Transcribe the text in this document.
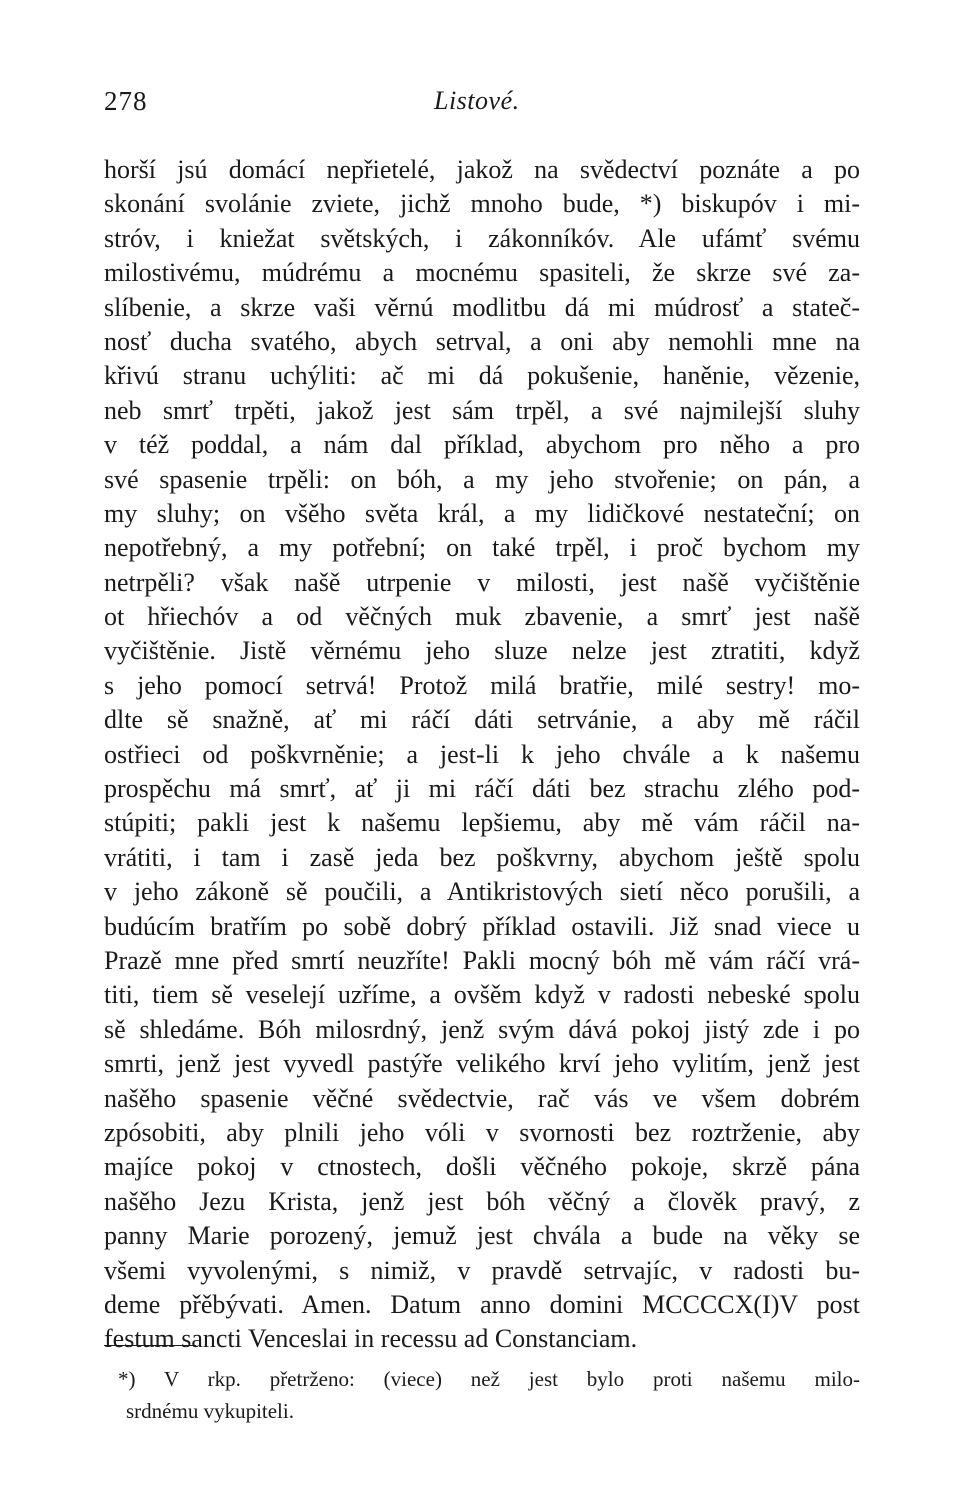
278	Listové.
horší jsú domácí nepřietelé, jakož na svědectví poznáte a po
skonání svolánie zviete, jichž mnoho bude, *) biskupóv i mi-
stróv, i kniežat světských, i zákonníkóv. Ale ufámť svému
milostivému, múdrému a mocnému spasiteli, že skrze své za-
slíbenie, a skrze vaši věrnú modlitbu dá mi múdrosť a stateč-
nosť ducha svatého, abych setrval, a oni aby nemohli mne na
křivú stranu uchýliti: ač mi dá pokušenie, haněnie, vězenie,
neb smrť trpěti, jakož jest sám trpěl, a své najmilejší sluhy
v též poddal, a nám dal příklad, abychom pro něho a pro
své spasenie trpěli: on bóh, a my jeho stvořenie; on pán, a
my sluhy; on všěho světa král, a my lidičkové nestateční; on
nepotřebný, a my potřební; on také trpěl, i proč bychom my
netrpěli? však našě utrpenie v milosti, jest našě vyčištěnie
ot hřiechóv a od věčných muk zbavenie, a smrť jest našě
vyčištěnie. Jistě věrnému jeho sluze nelze jest ztratiti, když
s jeho pomocí setrvá! Protož milá bratřie, milé sestry! mo-
dlte sě snažně, ať mi ráčí dáti setrvánie, a aby mě ráčil
ostřieci od poškvrněnie; a jest-li k jeho chvále a k našemu
prospěchu má smrť, ať ji mi ráčí dáti bez strachu zlého pod-
stúpiti; pakli jest k našemu lepšiemu, aby mě vám ráčil na-
vrátiti, i tam i zasě jeda bez poškvrny, abychom ještě spolu
v jeho zákoně sě poučili, a Antikristových sietí něco porušili, a
budúcím bratřím po sobě dobrý příklad ostavili. Již snad viece u
Prazě mne před smrtí neuzříte! Pakli mocný bóh mě vám ráčí vrá-
titi, tiem sě veselejí uzříme, a ovšěm když v radosti nebeské spolu
sě shledáme. Bóh milosrdný, jenž svým dává pokoj jistý zde i po
smrti, jenž jest vyvedl pastýře velikého krví jeho vylitím, jenž jest
našěho spasenie věčné svědectvie, rač vás ve všem dobrém
zpósobiti, aby plnili jeho vóli v svornosti bez roztrženie, aby
majíce pokoj v ctnostech, došli věčného pokoje, skrzě pána
našěho Jezu Krista, jenž jest bóh věčný a člověk pravý, z
panny Marie porozený, jemuž jest chvála a bude na věky se
všemi vyvolenými, s nimiž, v pravdě setrvajíc, v radosti bu-
deme přěbývati. Amen. Datum anno domini MCCCCX(I)V post
festum sancti Venceslai in recessu ad Constanciam.
*) V rkp. přetrženo: (viece) než jest bylo proti našemu milo-
srdnému vykupiteli.
